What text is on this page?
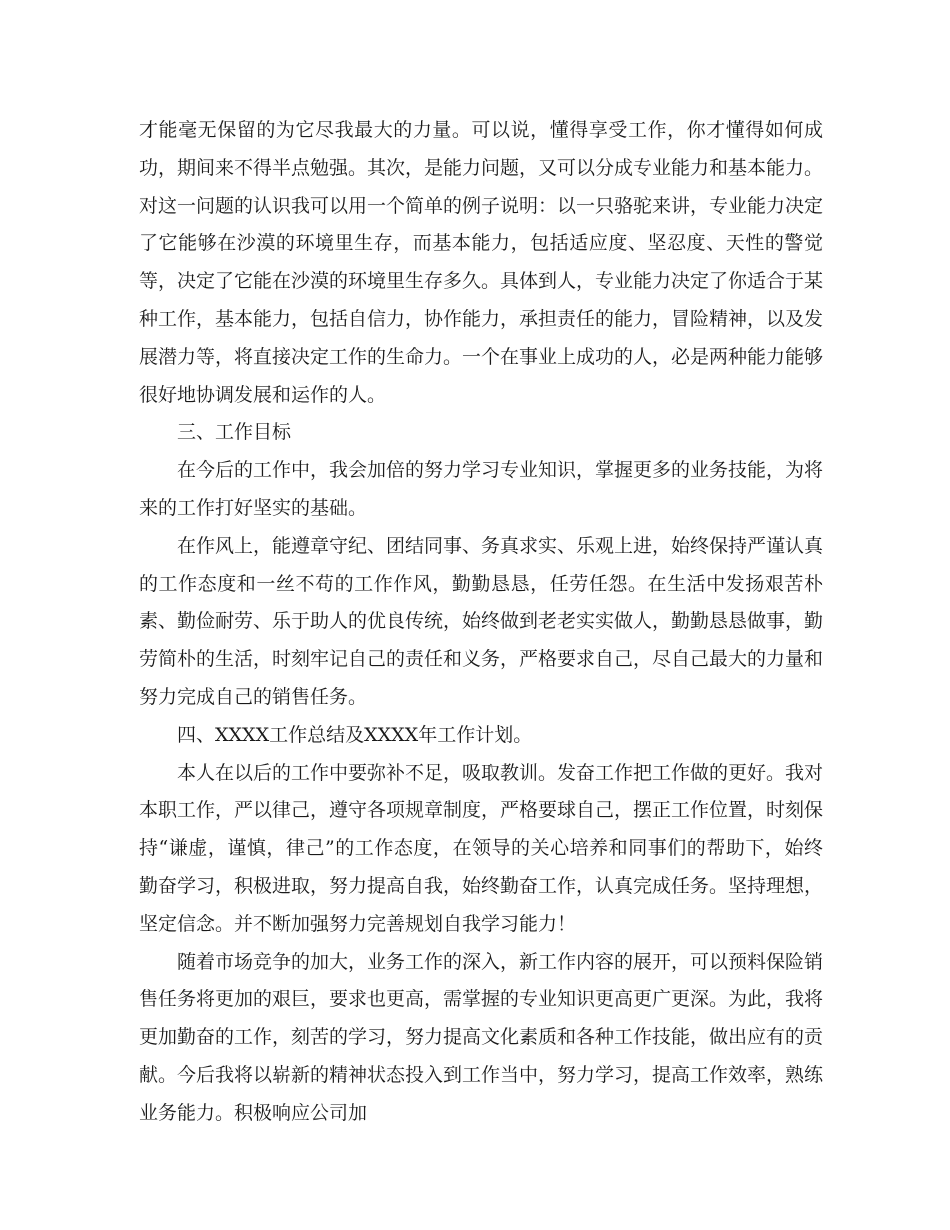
才能毫无保留的为它尽我最大的力量。可以说，懂得享受工作，你才懂得如何成功，期间来不得半点勉强。其次，是能力问题，又可以分成专业能力和基本能力。对这一问题的认识我可以用一个简单的例子说明：以一只骆驼来讲，专业能力决定了它能够在沙漠的环境里生存，而基本能力，包括适应度、坚忍度、天性的警觉等，决定了它能在沙漠的环境里生存多久。具体到人，专业能力决定了你适合于某种工作，基本能力，包括自信力，协作能力，承担责任的能力，冒险精神，以及发展潜力等，将直接决定工作的生命力。一个在事业上成功的人，必是两种能力能够很好地协调发展和运作的人。

三、工作目标

在今后的工作中，我会加倍的努力学习专业知识，掌握更多的业务技能，为将来的工作打好坚实的基础。

在作风上，能遵章守纪、团结同事、务真求实、乐观上进，始终保持严谨认真的工作态度和一丝不苟的工作作风，勤勤恳恳，任劳任怨。在生活中发扬艰苦朴素、勤俭耐劳、乐于助人的优良传统，始终做到老老实实做人，勤勤恳恳做事，勤劳简朴的生活，时刻牢记自己的责任和义务，严格要求自己，尽自己最大的力量和努力完成自己的销售任务。

四、XXXX工作总结及XXXX年工作计划。

本人在以后的工作中要弥补不足，吸取教训。发奋工作把工作做的更好。我对本职工作，严以律己，遵守各项规章制度，严格要球自己，摆正工作位置，时刻保持“谦虚，谨慎，律己”的工作态度，在领导的关心培养和同事们的帮助下，始终勤奋学习，积极进取，努力提高自我，始终勤奋工作，认真完成任务。坚持理想，坚定信念。并不断加强努力完善规划自我学习能力！

随着市场竞争的加大，业务工作的深入，新工作内容的展开，可以预料保险销售任务将更加的艰巨，要求也更高，需掌握的专业知识更高更广更深。为此，我将更加勤奋的工作，刻苦的学习，努力提高文化素质和各种工作技能，做出应有的贡献。今后我将以崭新的精神状态投入到工作当中，努力学习，提高工作效率，熟练业务能力。积极响应公司加
